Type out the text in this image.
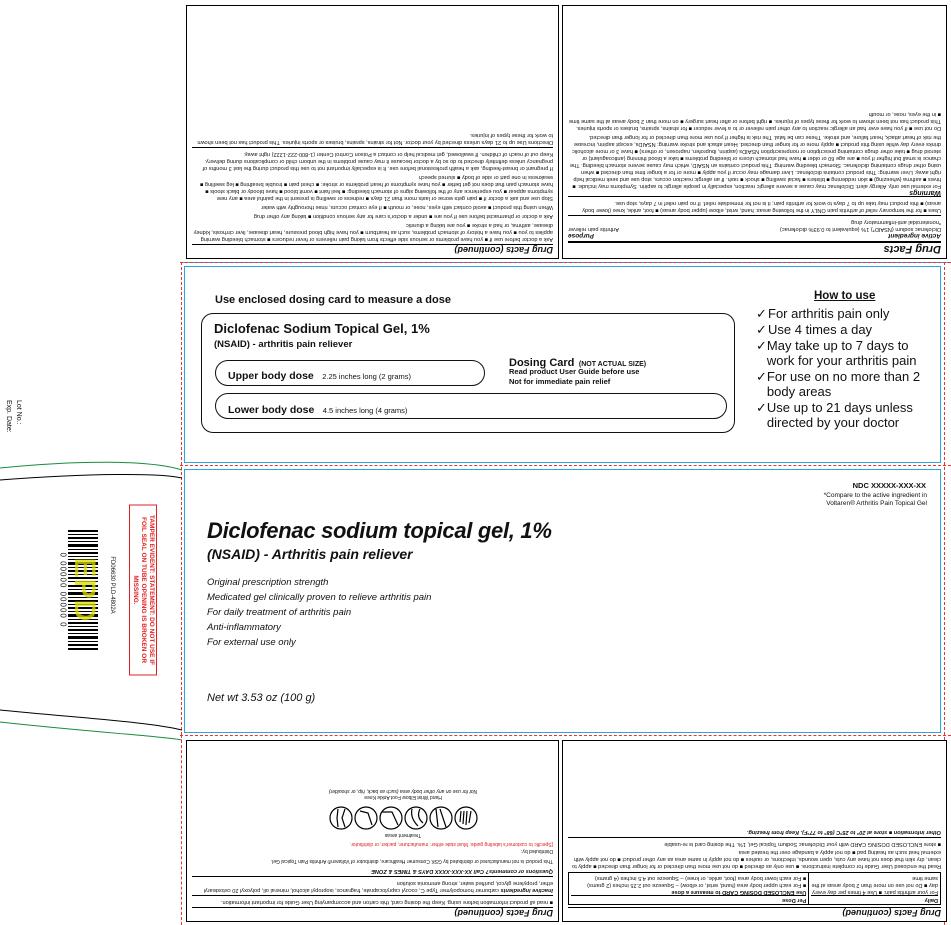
Drug Facts (continued)
Ask a doctor before use if ■ you have problems or serious side effects from taking pain relievers or fever reducers ■ stomach bleeding warning applies to you ■ you have a history of stomach problems, such as heartburn ■ you have high blood pressure, heart disease, liver cirrhosis, kidney disease, asthma, or had a stroke ■ you are taking a diuretic
Ask a doctor or pharmacist before use if you are ■ under a doctor's care for any serious condition ■ taking any other drug
When using this product ■ avoid contact with eyes, nose, or mouth ■ if eye contact occurs, rinse thoroughly with water
Stop use and ask a doctor if ■ pain gets worse or lasts more than 21 days ■ redness or swelling is present in the painful area ■ any new symptoms appear ■ you experience any of the following signs of stomach bleeding: ■ feel faint ■ vomit blood ■ have bloody or black stools ■ have stomach pain that does not get better ■ you have symptoms of heart problems or stroke: ■ chest pain ■ trouble breathing ■ leg swelling ■ weakness in one part or side of body ■ slurred speech
If pregnant or breast-feeding, ask a health professional before use. It is especially important not to use this product during the last 3 months of pregnancy unless definitely directed to do so by a doctor because it may cause problems in the unborn child or complications during delivery. Keep out of reach of children. If swallowed, get medical help or contact a Poison Control Center (1-800-222-1222) right away.
Directions Use up to 21 days unless directed by your doctor. Not for strains, sprains, bruises or sports injuries. This product has not been shown to work for these types of injuries.
Drug Facts
Active ingredient
Purpose
Diclofenac sodium (NSAID*) 1% (equivalent to 0.93% diclofenac)
Arthritis pain reliever
*nonsteroidal anti-inflammatory drug
Uses ■ for the temporary relief of arthritis pain ONLY in the following areas: hand, wrist, elbow (upper body areas) ■ foot, ankle, knee (lower body areas) ■ this product may take up to 7 days to work for arthritis pain; it is not for immediate relief. If no pain relief in 7 days, stop use.
Warnings
For external use only. Allergy alert: Diclofenac may cause a severe allergic reaction, especially in people allergic to aspirin. Symptoms may include: ■ hives ■ asthma (wheezing) ■ skin reddening ■ blisters ■ facial swelling ■ shock ■ rash. If an allergic reaction occurs, stop use and seek medical help right away. Liver warning: This product contains diclofenac. Liver damage may occur if you apply ■ more or for a longer time than directed ■ when using other drugs containing diclofenac. Stomach bleeding warning: This product contains an NSAID, which may cause severe stomach bleeding. The chance is small but higher if you ■ are age 60 or older ■ have had stomach ulcers or bleeding problems ■ take a blood thinning (anticoagulant) or steroid drug ■ take other drugs containing prescription or nonprescription NSAIDs (aspirin, ibuprofen, naproxen, or others) ■ have 3 or more alcoholic drinks every day while using this product ■ apply more or for longer than directed. Heart attack and stroke warning: NSAIDs, except aspirin, increase the risk of heart attack, heart failure, and stroke. These can be fatal. The risk is higher if you use more than directed or for longer than directed.
Do not use ■ if you have ever had an allergic reaction to any other pain reliever or to a fever reducer ■ for strains, sprains, bruises or sports injuries. This product has not been shown to work for these types of injuries. ■ right before or after heart surgery ■ on more than 2 body areas at the same time ■ in the eyes, nose, or mouth
Use enclosed dosing card to measure a dose
Diclofenac Sodium Topical Gel, 1%
(NSAID) - arthritis pain reliever
Upper body dose 2.25 inches long (2 grams)
Lower body dose 4.5 inches long (4 grams)
Dosing Card (NOT ACTUAL SIZE)
Read product User Guide before use
Not for immediate pain relief
How to use
✓ For arthritis pain only
✓ Use 4 times a day
✓ May take up to 7 days to work for your arthritis pain
✓ For use on no more than 2 body areas
✓ Use up to 21 days unless directed by your doctor
NDC XXXXX-XXX-XX
*Compare to the active ingredient in Voltaren® Arthritis Pain Topical Gel
Diclofenac sodium topical gel, 1%
(NSAID) - Arthritis pain reliever
Original prescription strength
Medicated gel clinically proven to relieve arthritis pain
For daily treatment of arthritis pain
Anti-inflammatory
For external use only
Net wt 3.53 oz (100 g)
TAMPER EVIDENT: STATEMENT: DO NOT USE IF FOIL SEAL ON TUBE OPENING IS BROKEN OR MISSING.
FD06630 PLD-4802A
0 00000 00000 0 EPD
Lot No.:
Exp. Date:
Drug Facts (continued)
■ read all product information before using. Keep the dosing card, this carton and accompanying User Guide for important information.
Inactive ingredients carbomer homopolymer Type C, cocoyl caprylocaprate, fragrance, isopropyl alcohol, mineral oil, polyoxyl 20 cetostearyl ether, propylene glycol, purified water, strong ammonia solution
Questions or comments? Call XX-XXX-XXXX DAYS & TIMES & ZONE
This product is not manufactured or distributed by GSK Consumer Healthcare, distributor of Voltaren® Arthritis Pain Topical Gel.
Distributed by:
[Specific to customer's labeling guide: Must state either: manufacturer, packer, or distributor.
Treatment areas
Hand Wrist Elbow Foot Ankle Knee
Not for use on any other body area (such as back, hip, or shoulder)
Drug Facts (continued)
Daily
For your arthritis pain: ■ Use 4 times per day every day ■ Do not use on more than 2 body areas at the same time
Per Dose
Use ENCLOSED DOSING CARD to measure a dose
■ For each upper body area (hand, wrist, or elbow) – Squeeze out 2.25 inches (2 grams)
■ For each lower body area (foot, ankle, or knee) – Squeeze out 4.5 inches (4 grams)
Read the enclosed User Guide for complete instructions. ■ use only as directed ■ do not use more than directed or for longer than directed ■ apply to clean, dry skin that does not have any cuts, open wounds, infections, or rashes ■ do not apply in same area as any other product ■ do not apply with external heat such as heating pad ■ do not apply a bandage over the treated area
■ store ENCLOSED DOSING CARD with your Diclofenac Sodium Topical Gel, 1%. The dosing card is re-usable
Other information ■ store at 20° to 25°C (68° to 77°F). Keep from freezing.
